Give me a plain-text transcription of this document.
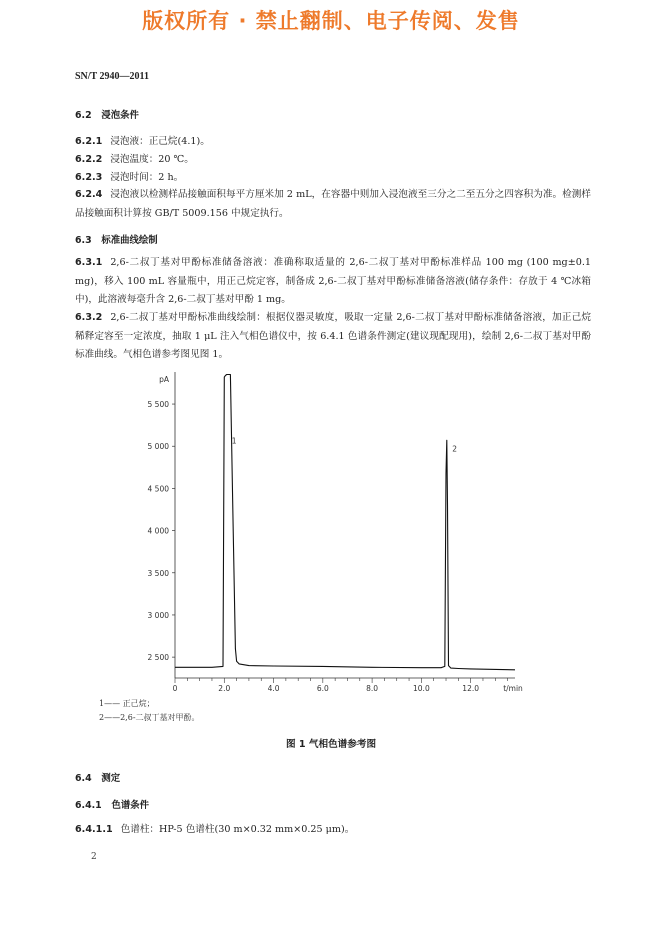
版权所有 · 禁止翻制、电子传阅、发售
SN/T 2940—2011
6.2 浸泡条件
6.2.1 浸泡液：正己烷(4.1)。
6.2.2 浸泡温度：20 ℃。
6.2.3 浸泡时间：2 h。
6.2.4 浸泡液以检测样品接触面积每平方厘米加 2 mL，在容器中则加入浸泡液至三分之二至五分之四容积为准。检测样品接触面积计算按 GB/T 5009.156 中规定执行。
6.3 标准曲线绘制
6.3.1 2,6-二叔丁基对甲酚标准储备溶液：准确称取适量的 2,6-二叔丁基对甲酚标准样品 100 mg (100 mg±0.1 mg)，移入 100 mL 容量瓶中，用正己烷定容，制备成 2,6-二叔丁基对甲酚标准储备溶液(储存条件：存放于 4 ℃冰箱中)，此溶液每毫升含 2,6-二叔丁基对甲酚 1 mg。
6.3.2 2,6-二叔丁基对甲酚标准曲线绘制：根据仪器灵敏度，吸取一定量 2,6-二叔丁基对甲酚标准储备溶液，加正己烷稀释定容至一定浓度，抽取 1 μL 注入气相色谱仪中，按 6.4.1 色谱条件测定(建议现配现用)，绘制 2,6-二叔丁基对甲酚标准曲线。气相色谱参考图见图 1。
pA
2 500
3 000
3 500
4 000
4 500
5 000
5 500
0	2.0	4.0	6.0	8.0	10.0	12.0	t/min
1
2
1—— 正己烷；
2——2,6-二叔丁基对甲酚。
图 1 气相色谱参考图
6.4 测定
6.4.1 色谱条件
6.4.1.1 色谱柱：HP-5 色谱柱(30 m×0.32 mm×0.25 μm)。
2
